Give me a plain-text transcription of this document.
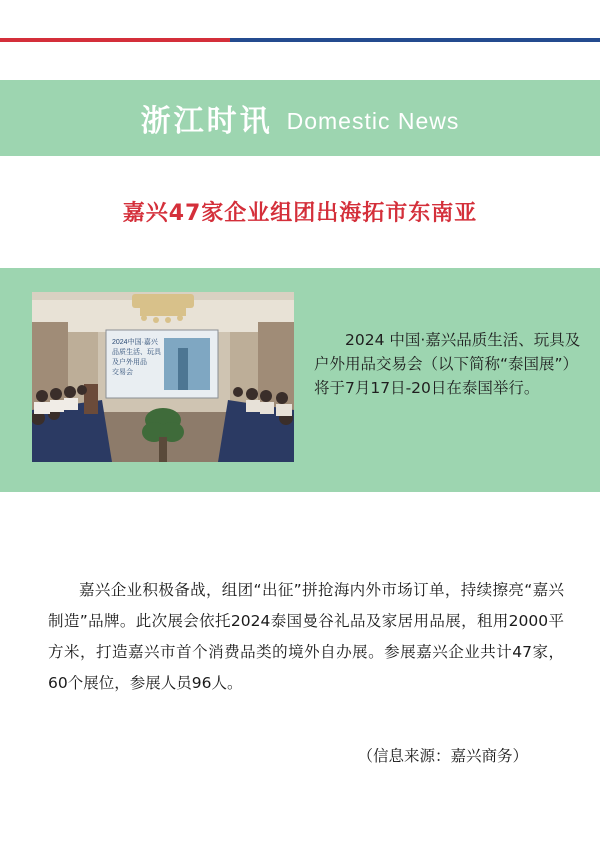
浙江时讯 Domestic News
嘉兴47家企业组团出海拓市东南亚
2024中国·嘉兴
品质生活、玩具
及户外用品
交易会
2024 中国·嘉兴品质生活、玩具及户外用品交易会（以下简称“泰国展”）将于7月17日-20日在泰国举行。
嘉兴企业积极备战，组团“出征”拼抢海内外市场订单，持续擦亮“嘉兴制造”品牌。此次展会依托2024泰国曼谷礼品及家居用品展，租用2000平方米，打造嘉兴市首个消费品类的境外自办展。参展嘉兴企业共计47家，60个展位，参展人员96人。
（信息来源：嘉兴商务）
